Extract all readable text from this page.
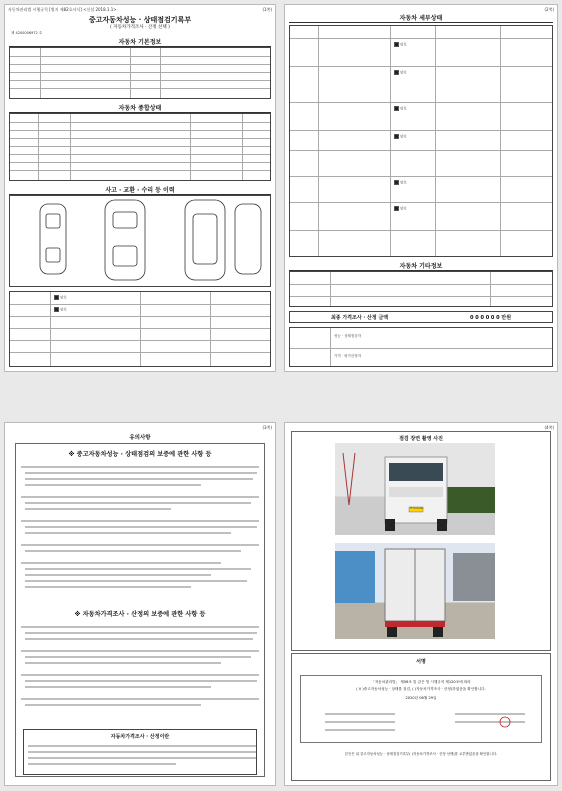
자동차관리법 시행규칙 [별지 제82호서식] <신설 2018.1.1>	(1쪽)
중고자동차성능 · 상태점검기록부
( 자동차가격조사 · 산정 선택 )
제 4200006972 호
자동차 기본정보
자동차 종합상태
사고 · 교환 · 수리 등 이력
양호
양호
(2쪽)
자동차 세부상태
양호
양호
양호
양호
양호
양호
자동차 기타정보
최종 가격조사 · 산정 금액	0 0 0 0 0 0 만원
성능 · 상태점검자
가격 · 평가산정자
(3쪽)
유의사항
※ 중고자동차성능 · 상태점검의 보증에 관한 사항 등
※ 자동차가격조사 · 산정의 보증에 관한 사항 등
자동차가격조사 · 산정이란
(4쪽)
점검 장면 촬영 사진
경기99자4133
서명
「자동차관리법」 제58조 및 같은 법 시행규칙 제120조에 따라
( V )중고자동차성능 · 상태를 점검, ( )자동차가격조사 · 산정)하였음을 확인합니다.
2020년 06월 29일
본인은 위 중고자동차성능 · 상태점검기록부( )자동차가격조사 · 산정 선택)를 교부받았음을 확인합니다.
